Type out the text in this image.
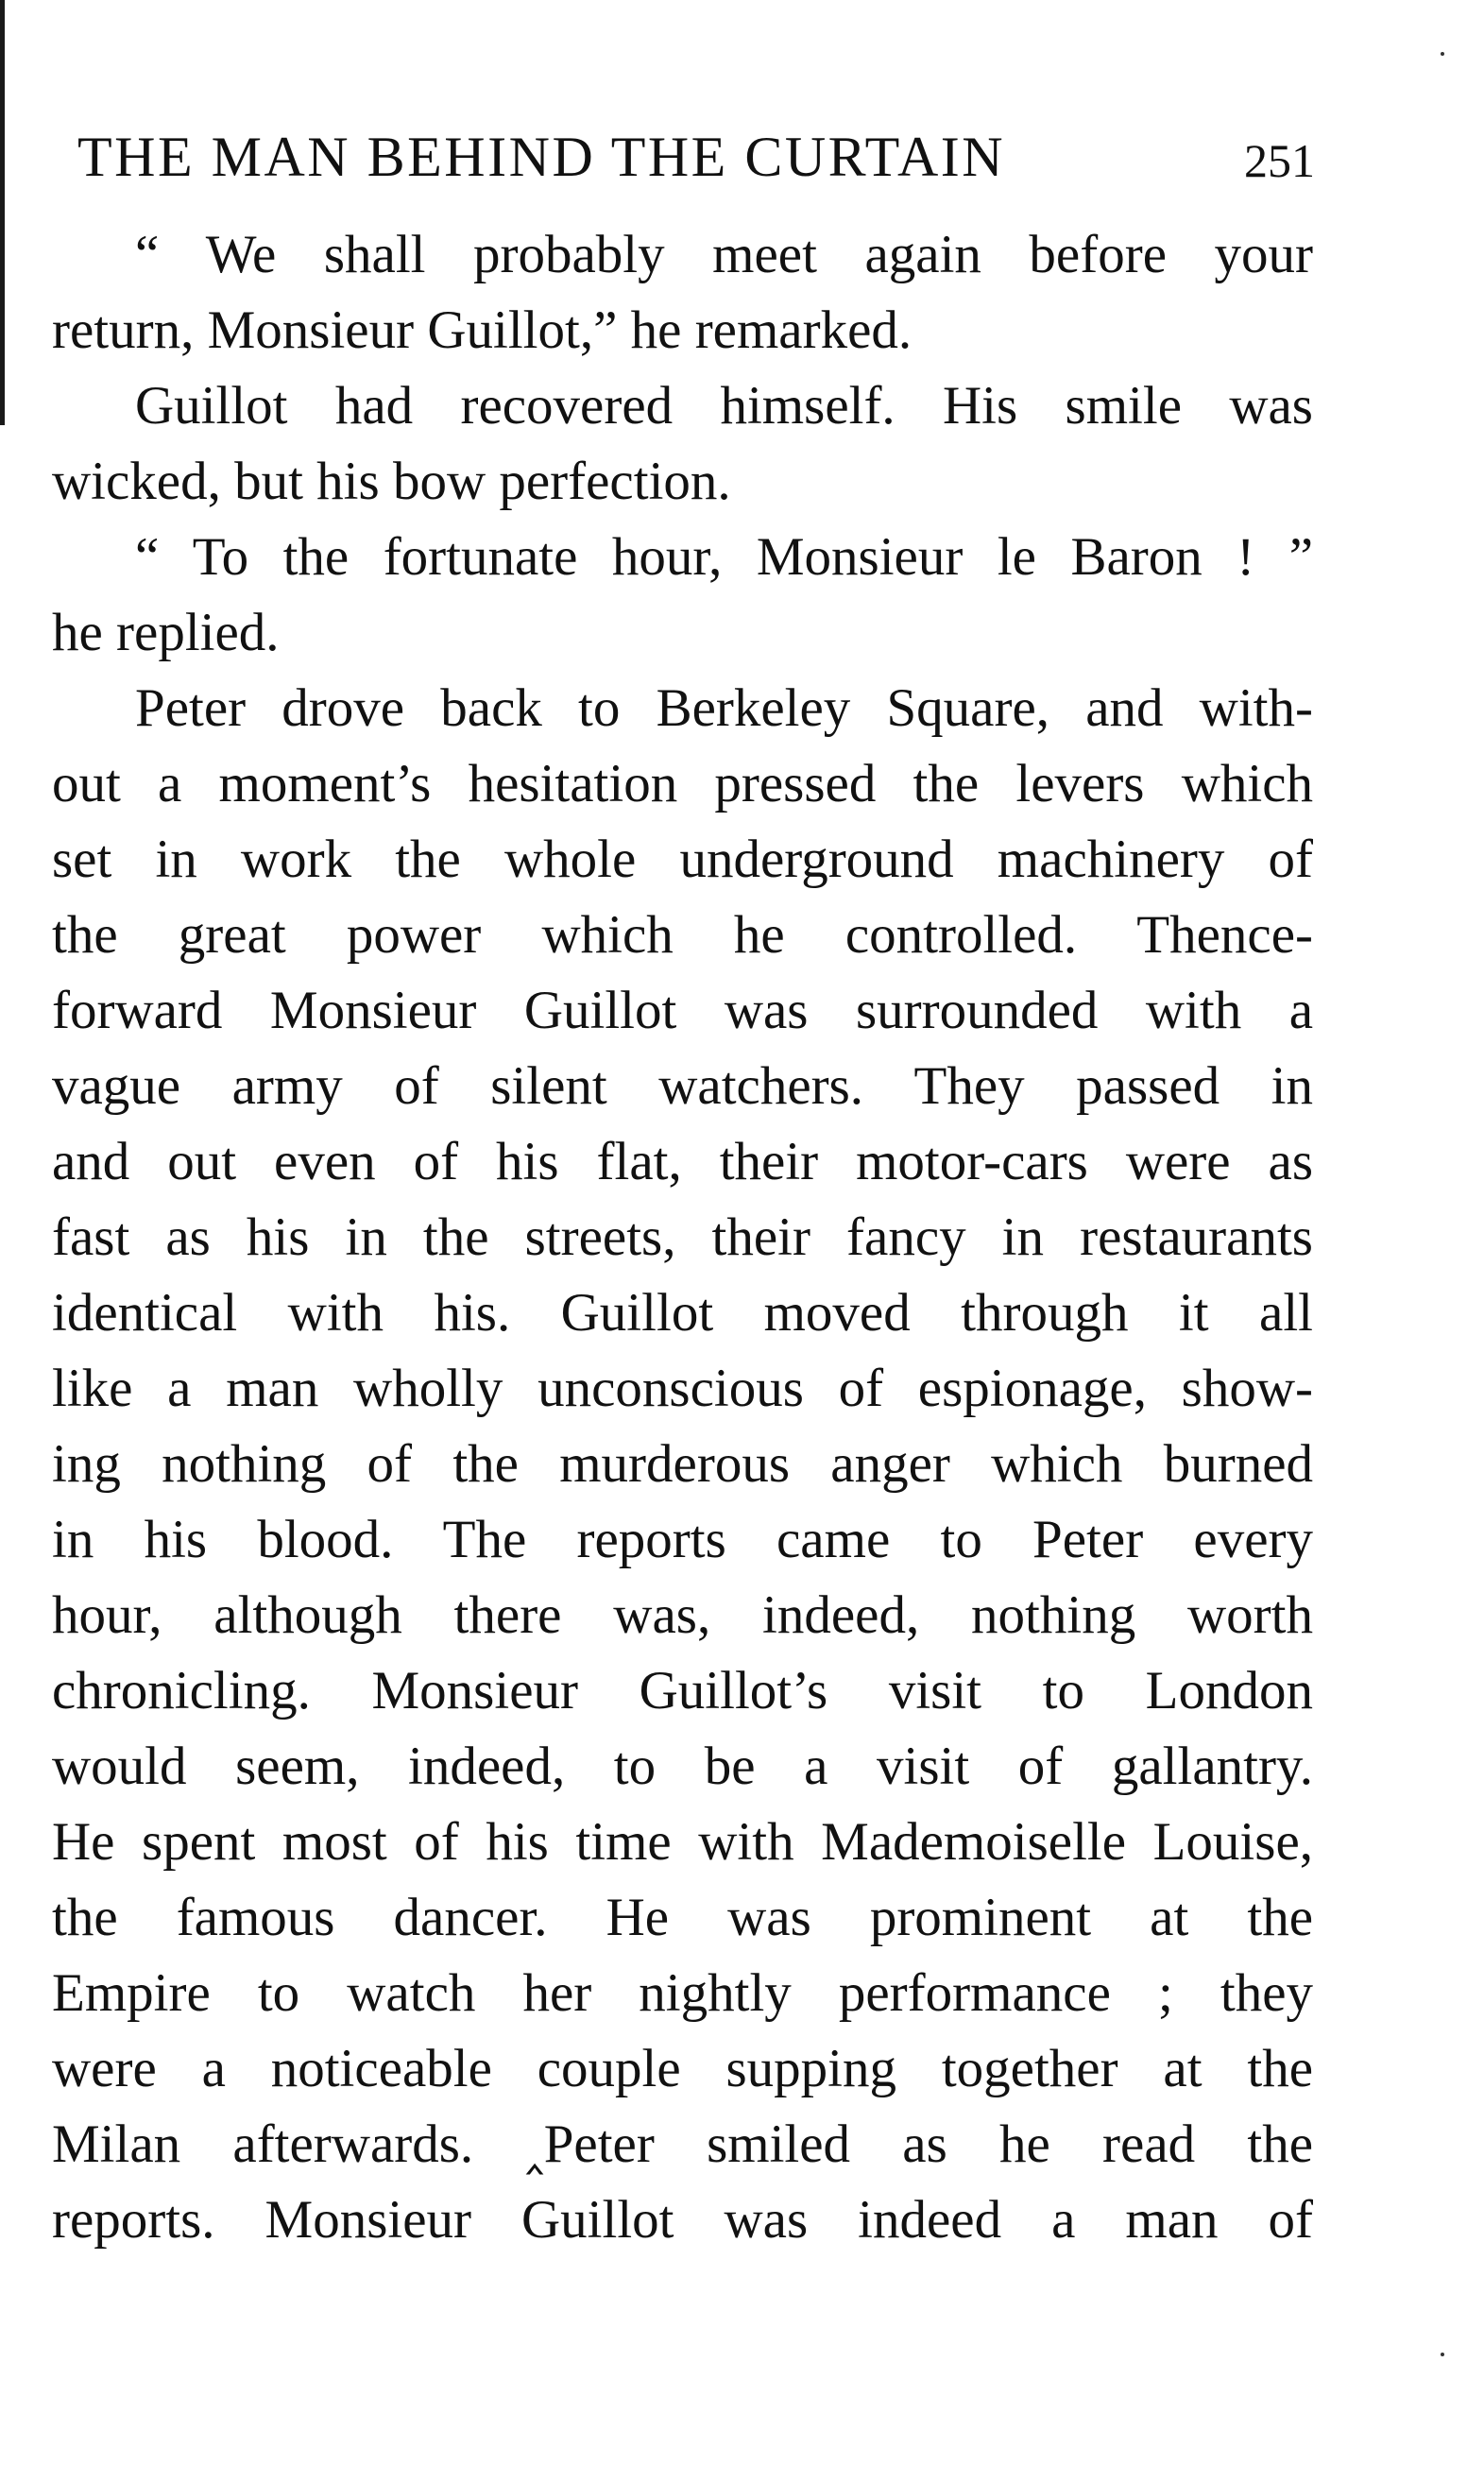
THE MAN BEHIND THE CURTAIN	251

“ We shall probably meet again before your
return, Monsieur Guillot,” he remarked.

Guillot had recovered himself. His smile was
wicked, but his bow perfection.

“ To the fortunate hour, Monsieur le Baron ! ”
he replied.

Peter drove back to Berkeley Square, and with-
out a moment’s hesitation pressed the levers which
set in work the whole underground machinery of
the great power which he controlled. Thence-
forward Monsieur Guillot was surrounded with a
vague army of silent watchers. They passed in
and out even of his flat, their motor-cars were as
fast as his in the streets, their fancy in restaurants
identical with his. Guillot moved through it all
like a man wholly unconscious of espionage, show-
ing nothing of the murderous anger which burned
in his blood. The reports came to Peter every
hour, although there was, indeed, nothing worth
chronicling. Monsieur Guillot’s visit to London
would seem, indeed, to be a visit of gallantry.
He spent most of his time with Mademoiselle Louise,
the famous dancer. He was prominent at the
Empire to watch her nightly performance ; they
were a noticeable couple supping together at the
Milan afterwards. ‸Peter smiled as he read the
reports. Monsieur Guillot was indeed a man of
